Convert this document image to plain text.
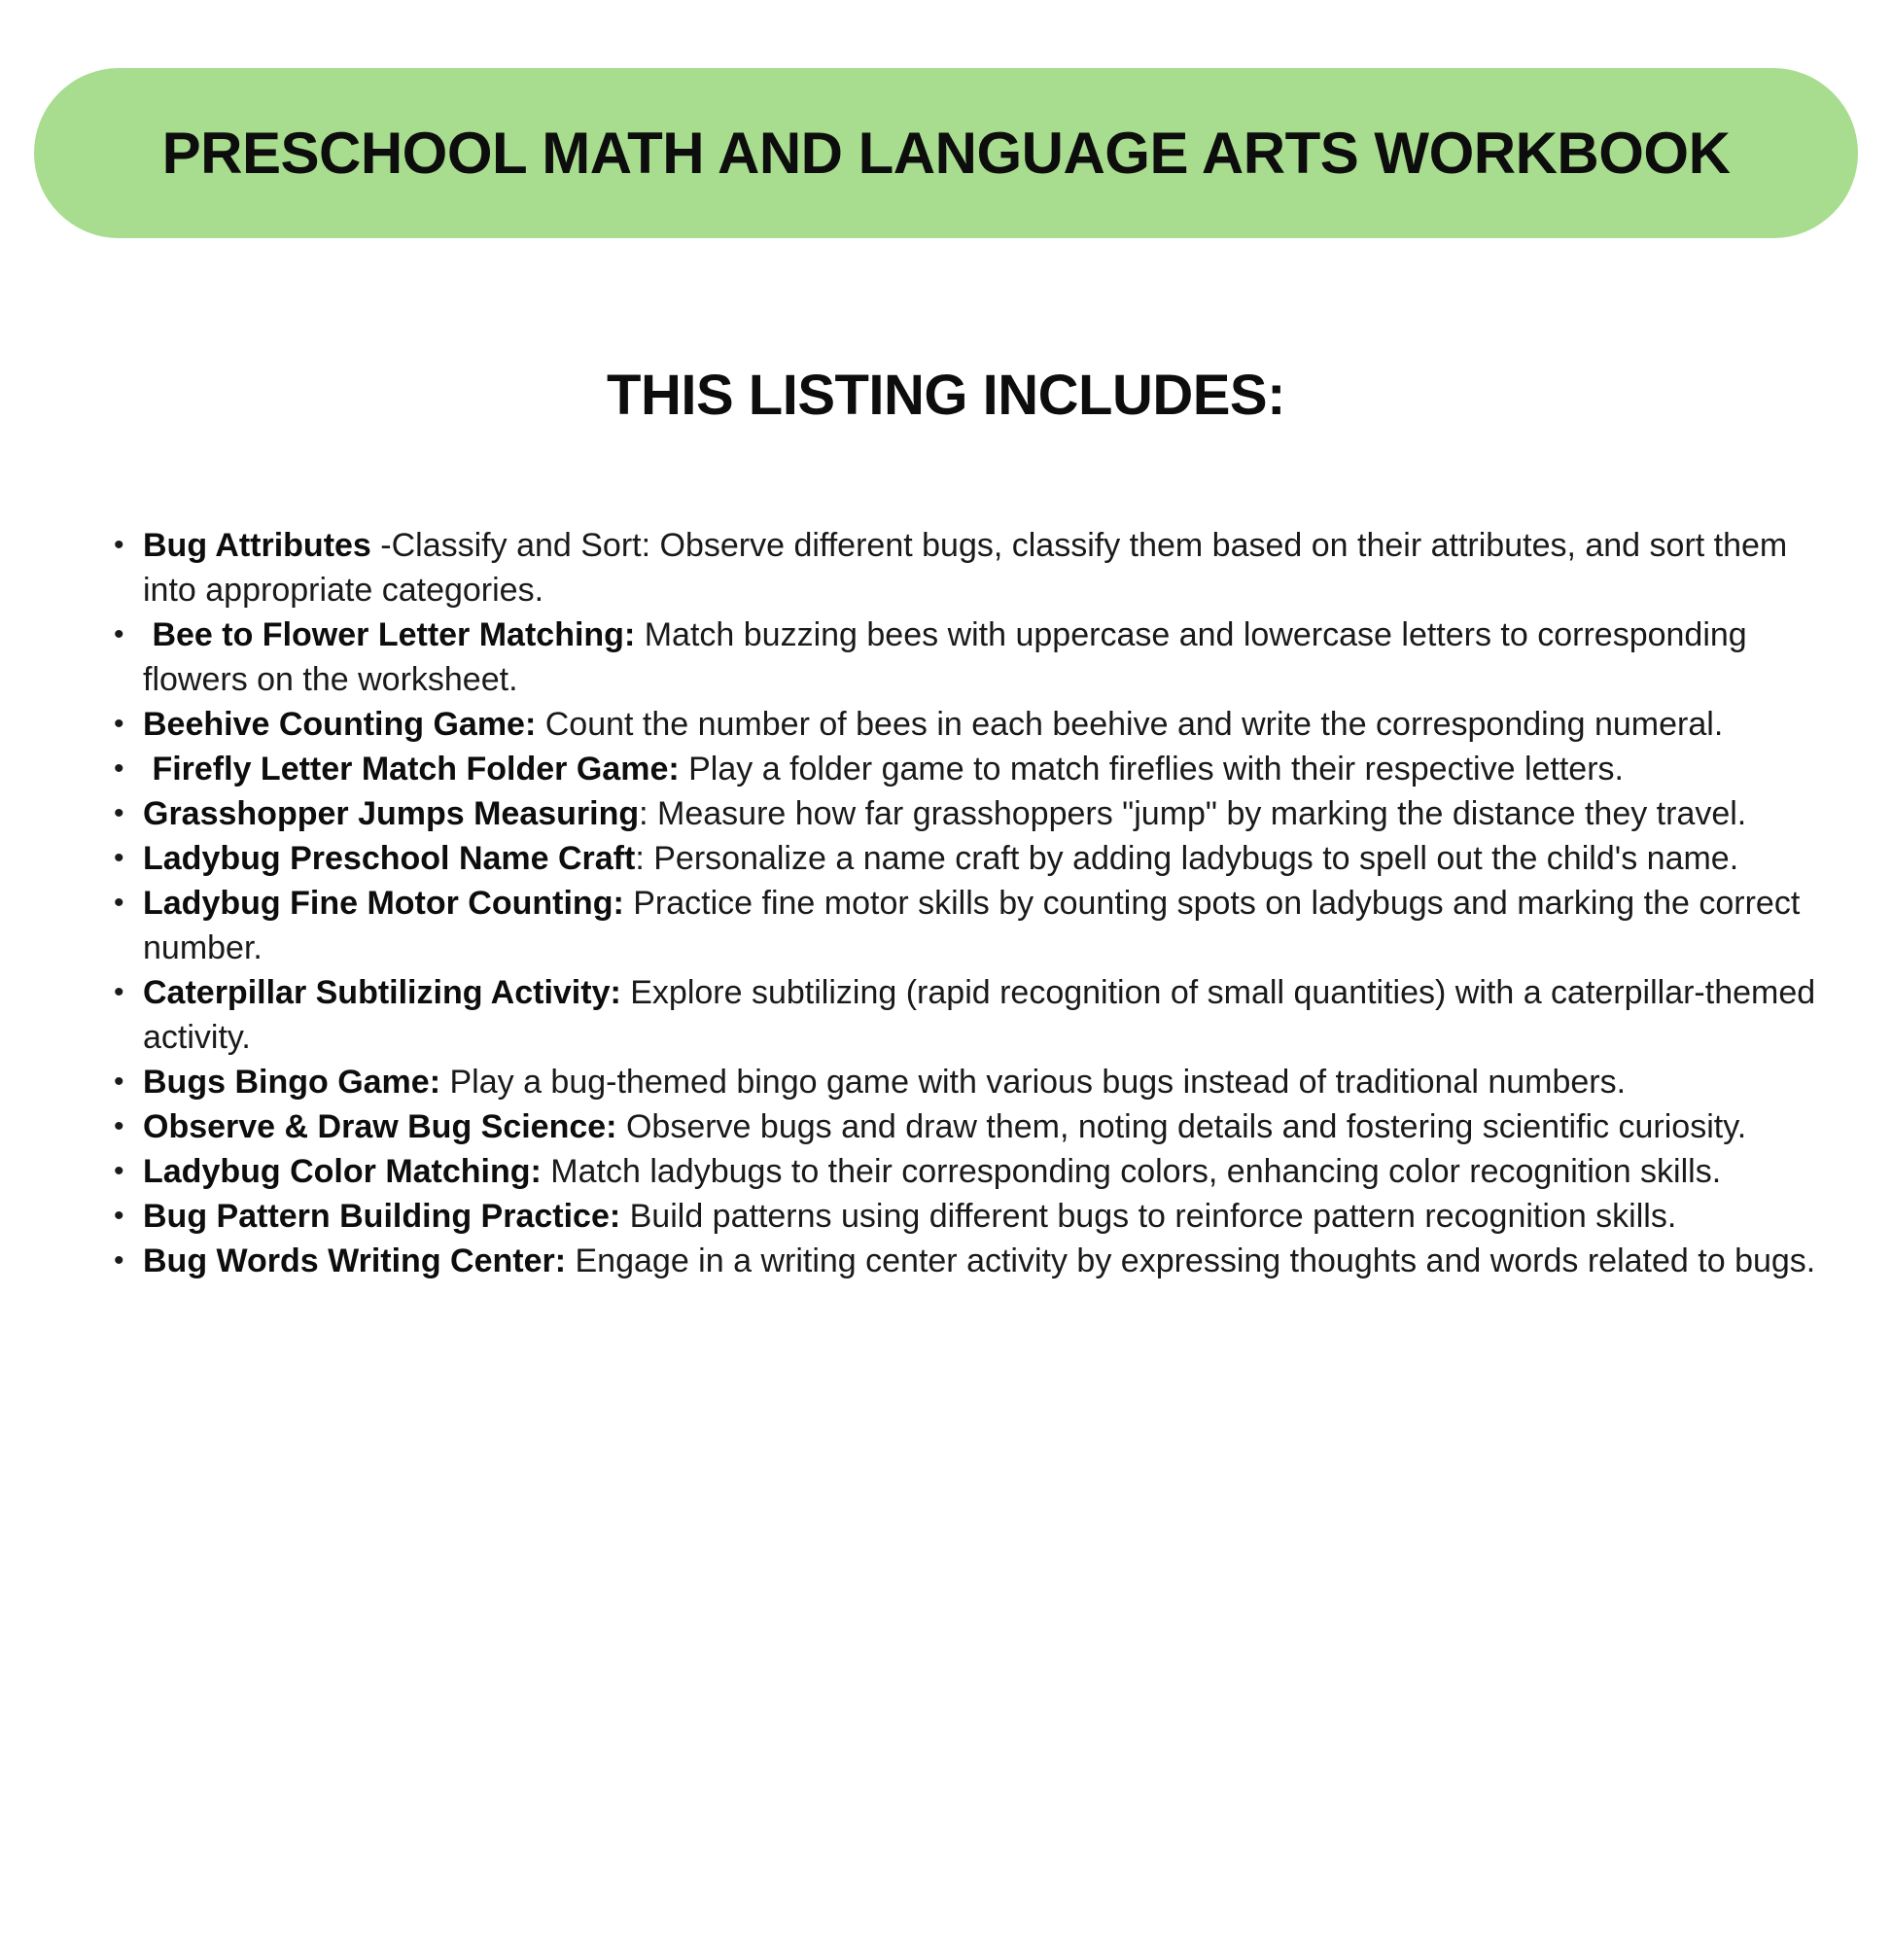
PRESCHOOL MATH AND LANGUAGE ARTS WORKBOOK
THIS LISTING INCLUDES:
• Bug Attributes -Classify and Sort: Observe different bugs, classify them based on their attributes, and sort them into appropriate categories.
•  Bee to Flower Letter Matching: Match buzzing bees with uppercase and lowercase letters to corresponding flowers on the worksheet.
• Beehive Counting Game: Count the number of bees in each beehive and write the corresponding numeral.
•  Firefly Letter Match Folder Game: Play a folder game to match fireflies with their respective letters.
• Grasshopper Jumps Measuring: Measure how far grasshoppers "jump" by marking the distance they travel.
• Ladybug Preschool Name Craft: Personalize a name craft by adding ladybugs to spell out the child's name.
• Ladybug Fine Motor Counting: Practice fine motor skills by counting spots on ladybugs and marking the correct number.
• Caterpillar Subtilizing Activity: Explore subtilizing (rapid recognition of small quantities) with a caterpillar-themed activity.
• Bugs Bingo Game: Play a bug-themed bingo game with various bugs instead of traditional numbers.
• Observe & Draw Bug Science: Observe bugs and draw them, noting details and fostering scientific curiosity.
• Ladybug Color Matching: Match ladybugs to their corresponding colors, enhancing color recognition skills.
• Bug Pattern Building Practice: Build patterns using different bugs to reinforce pattern recognition skills.
• Bug Words Writing Center: Engage in a writing center activity by expressing thoughts and words related to bugs.
